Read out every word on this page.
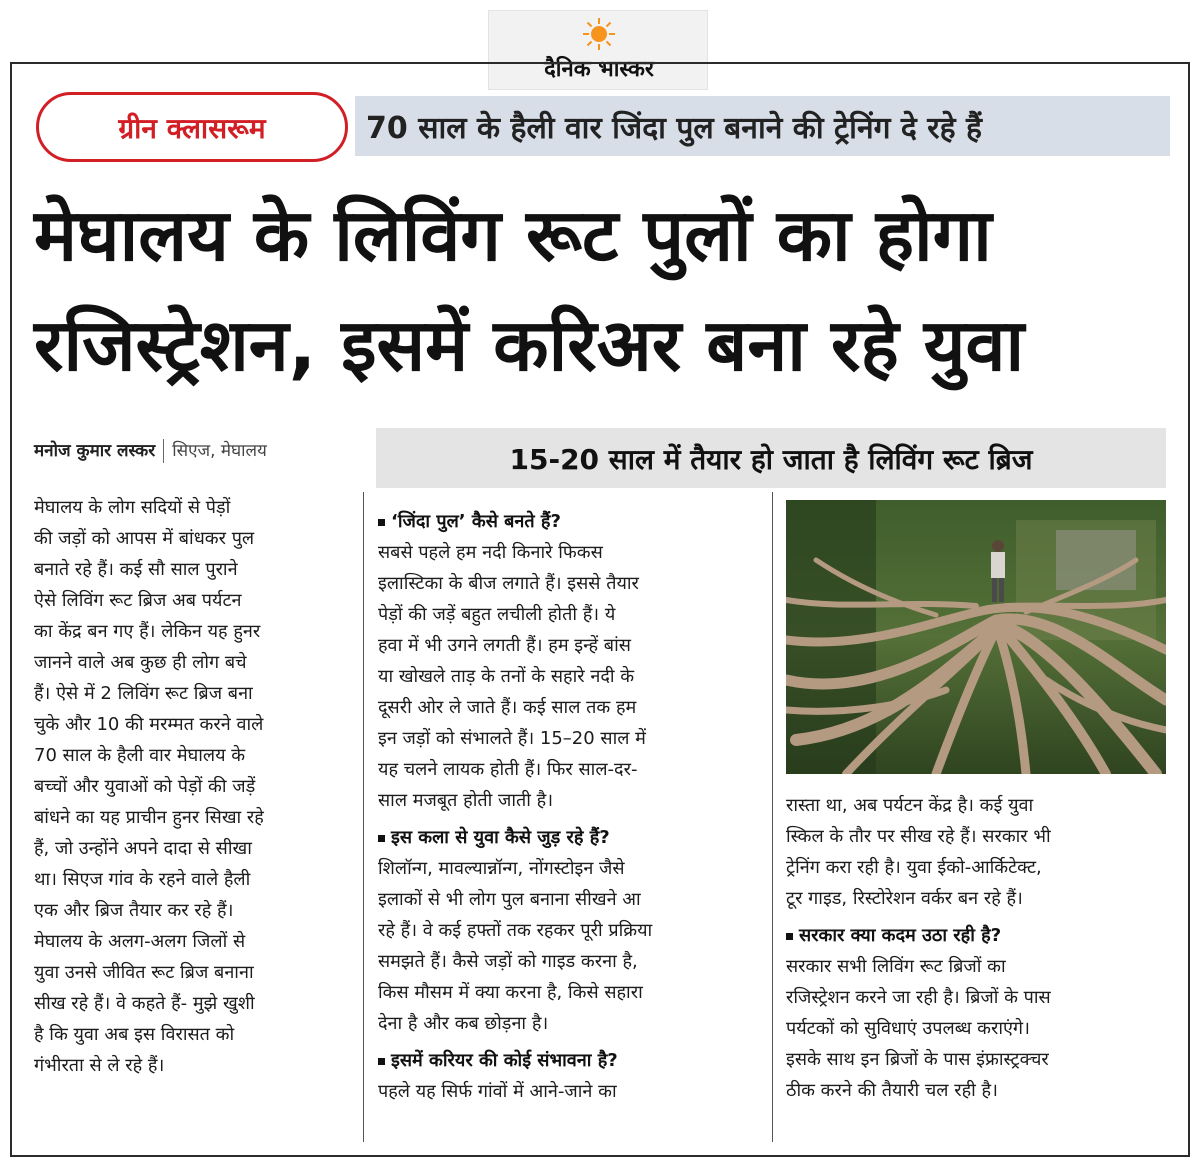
दैनिक भास्कर
ग्रीन क्लासरूम	70 साल के हैली वार जिंदा पुल बनाने की ट्रेनिंग दे रहे हैं
मेघालय के लिविंग रूट पुलों का होगा
रजिस्ट्रेशन, इसमें करिअर बना रहे युवा
मनोज कुमार लस्कर सिएज, मेघालय	15-20 साल में तैयार हो जाता है लिविंग रूट ब्रिज
मेघालय के लोग सदियों से पेड़ों
की जड़ों को आपस में बांधकर पुल
बनाते रहे हैं। कई सौ साल पुराने
ऐसे लिविंग रूट ब्रिज अब पर्यटन
का केंद्र बन गए हैं। लेकिन यह हुनर
जानने वाले अब कुछ ही लोग बचे
हैं। ऐसे में 2 लिविंग रूट ब्रिज बना
चुके और 10 की मरम्मत करने वाले
70 साल के हैली वार मेघालय के
बच्चों और युवाओं को पेड़ों की जड़ें
बांधने का यह प्राचीन हुनर सिखा रहे
हैं, जो उन्होंने अपने दादा से सीखा
था। सिएज गांव के रहने वाले हैली
एक और ब्रिज तैयार कर रहे हैं।
मेघालय के अलग-अलग जिलों से
युवा उनसे जीवित रूट ब्रिज बनाना
सीख रहे हैं। वे कहते हैं- मुझे खुशी
है कि युवा अब इस विरासत को
गंभीरता से ले रहे हैं।
‘जिंदा पुल’ कैसे बनते हैं?
सबसे पहले हम नदी किनारे फिकस
इलास्टिका के बीज लगाते हैं। इससे तैयार
पेड़ों की जड़ें बहुत लचीली होती हैं। ये
हवा में भी उगने लगती हैं। हम इन्हें बांस
या खोखले ताड़ के तनों के सहारे नदी के
दूसरी ओर ले जाते हैं। कई साल तक हम
इन जड़ों को संभालते हैं। 15–20 साल में
यह चलने लायक होती हैं। फिर साल-दर-
साल मजबूत होती जाती है।
इस कला से युवा कैसे जुड़ रहे हैं?
शिलॉन्ग, मावल्यान्नॉन्ग, नोंगस्टोइन जैसे
इलाकों से भी लोग पुल बनाना सीखने आ
रहे हैं। वे कई हफ्तों तक रहकर पूरी प्रक्रिया
समझते हैं। कैसे जड़ों को गाइड करना है,
किस मौसम में क्या करना है, किसे सहारा
देना है और कब छोड़ना है।
इसमें करियर की कोई संभावना है?
पहले यह सिर्फ गांवों में आने-जाने का
रास्ता था, अब पर्यटन केंद्र है। कई युवा
स्किल के तौर पर सीख रहे हैं। सरकार भी
ट्रेनिंग करा रही है। युवा ईको-आर्किटेक्ट,
टूर गाइड, रिस्टोरेशन वर्कर बन रहे हैं।
सरकार क्या कदम उठा रही है?
सरकार सभी लिविंग रूट ब्रिजों का
रजिस्ट्रेशन करने जा रही है। ब्रिजों के पास
पर्यटकों को सुविधाएं उपलब्ध कराएंगे।
इसके साथ इन ब्रिजों के पास इंफ्रास्ट्रक्चर
ठीक करने की तैयारी चल रही है।
